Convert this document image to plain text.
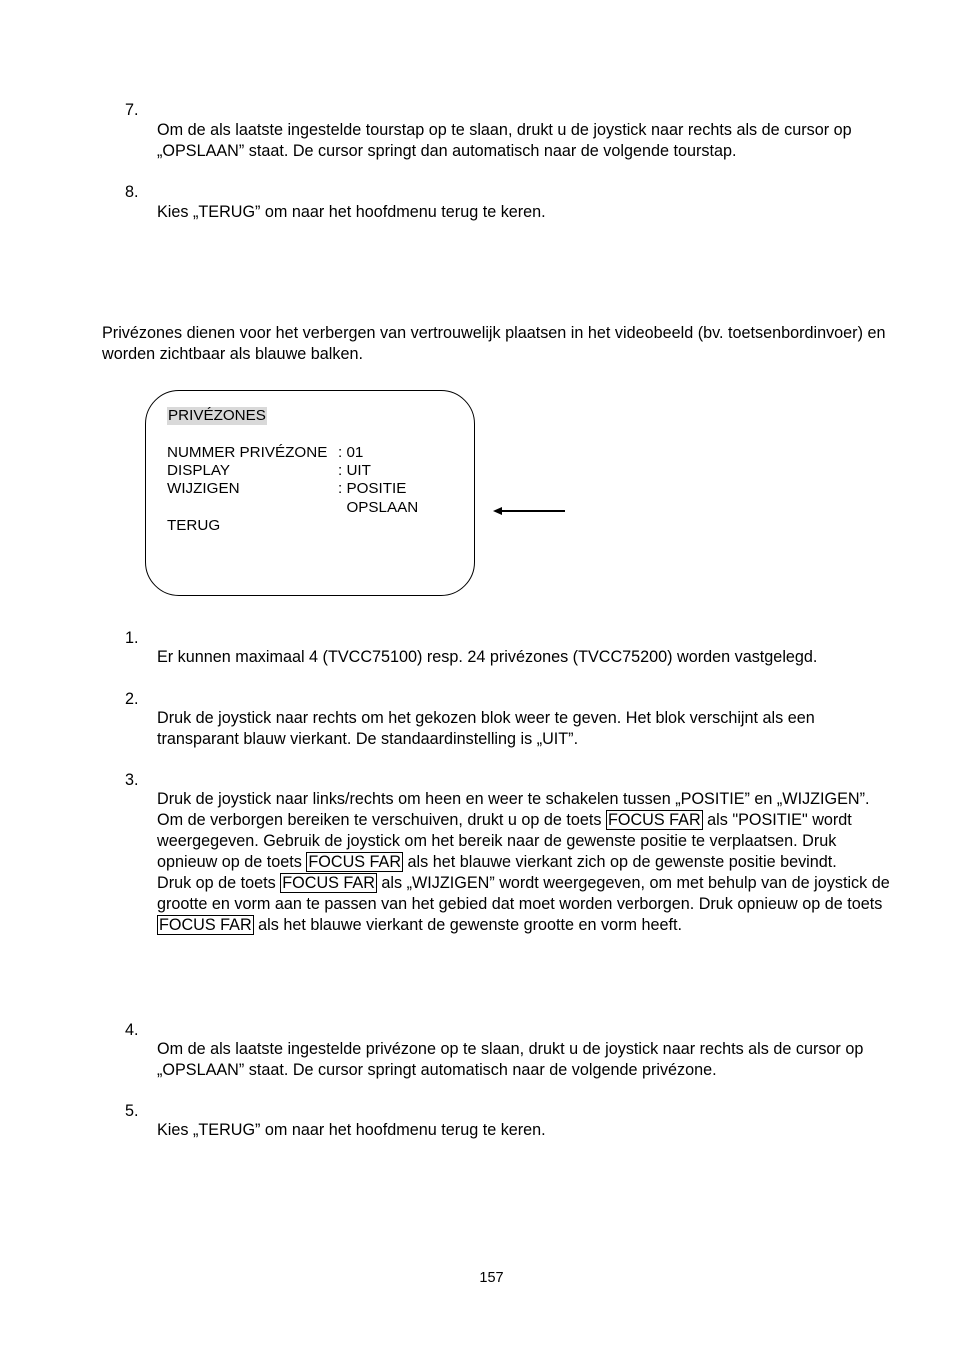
7.
Om de als laatste ingestelde tourstap op te slaan, drukt u de joystick naar rechts als de cursor op „OPSLAAN” staat. De cursor springt dan automatisch naar de volgende tourstap.
8.
Kies „TERUG” om naar het hoofdmenu terug te keren.
Privézones dienen voor het verbergen van vertrouwelijk plaatsen in het videobeeld (bv. toetsenbordinvoer) en worden zichtbaar als blauwe balken.
PRIVÉZONES
NUMMER PRIVÉZONE : 01
DISPLAY	: UIT
WIJZIGEN	: POSITIE
OPSLAAN
TERUG
1.
Er kunnen maximaal 4 (TVCC75100) resp. 24 privézones (TVCC75200) worden vastgelegd.
2.
Druk de joystick naar rechts om het gekozen blok weer te geven. Het blok verschijnt als een transparant blauw vierkant. De standaardinstelling is „UIT”.
3.
Druk de joystick naar links/rechts om heen en weer te schakelen tussen „POSITIE” en „WIJZIGEN”.
Om de verborgen bereiken te verschuiven, drukt u op de toets FOCUS FAR als "POSITIE" wordt weergegeven. Gebruik de joystick om het bereik naar de gewenste positie te verplaatsen. Druk opnieuw op de toets FOCUS FAR als het blauwe vierkant zich op de gewenste positie bevindt.
Druk op de toets FOCUS FAR als „WIJZIGEN” wordt weergegeven, om met behulp van de joystick de grootte en vorm aan te passen van het gebied dat moet worden verborgen. Druk opnieuw op de toets FOCUS FAR als het blauwe vierkant de gewenste grootte en vorm heeft.
4.
Om de als laatste ingestelde privézone op te slaan, drukt u de joystick naar rechts als de cursor op „OPSLAAN” staat. De cursor springt automatisch naar de volgende privézone.
5.
Kies „TERUG” om naar het hoofdmenu terug te keren.
157
